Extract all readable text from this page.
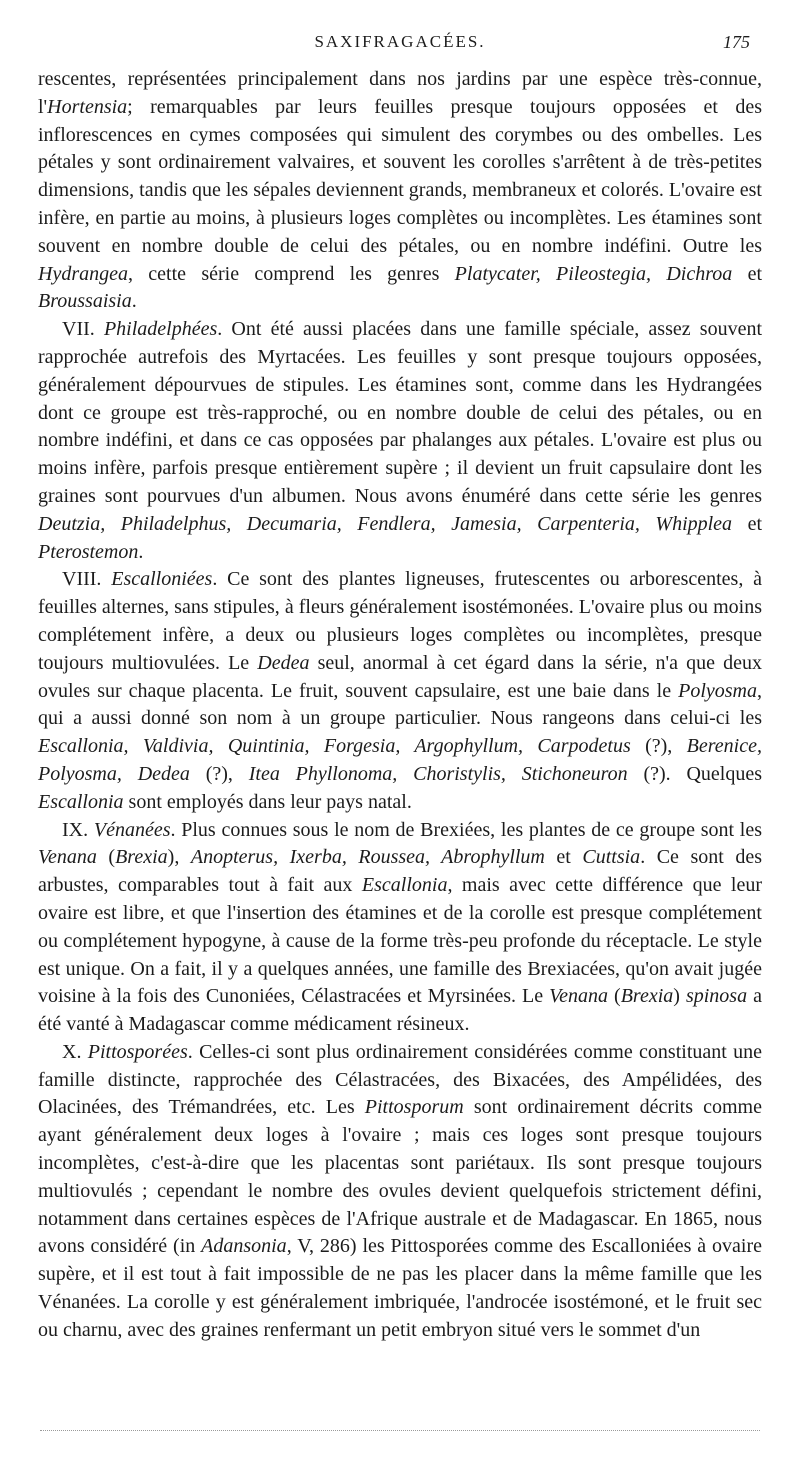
SAXIFRAGACÉES.	175

rescentes, représentées principalement dans nos jardins par une espèce très-connue, l'Hortensia; remarquables par leurs feuilles presque toujours opposées et des inflorescences en cymes composées qui simulent des corymbes ou des ombelles. Les pétales y sont ordinairement valvaires, et souvent les corolles s'arrêtent à de très-petites dimensions, tandis que les sépales deviennent grands, membraneux et colorés. L'ovaire est infère, en partie au moins, à plusieurs loges complètes ou incomplètes. Les étamines sont souvent en nombre double de celui des pétales, ou en nombre indéfini. Outre les Hydrangea, cette série comprend les genres Platycater, Pileostegia, Dichroa et Broussaisia.

VII. Philadelphées. Ont été aussi placées dans une famille spéciale, assez souvent rapprochée autrefois des Myrtacées. Les feuilles y sont presque toujours opposées, généralement dépourvues de stipules. Les étamines sont, comme dans les Hydrangées dont ce groupe est très-rapproché, ou en nombre double de celui des pétales, ou en nombre indéfini, et dans ce cas opposées par phalanges aux pétales. L'ovaire est plus ou moins infère, parfois presque entièrement supère ; il devient un fruit capsulaire dont les graines sont pourvues d'un albumen. Nous avons énuméré dans cette série les genres Deutzia, Philadelphus, Decumaria, Fendlera, Jamesia, Carpenteria, Whipplea et Pterostemon.

VIII. Escalloniées. Ce sont des plantes ligneuses, frutescentes ou arborescentes, à feuilles alternes, sans stipules, à fleurs généralement isostémonées. L'ovaire plus ou moins complétement infère, a deux ou plusieurs loges complètes ou incomplètes, presque toujours multiovulées. Le Dedea seul, anormal à cet égard dans la série, n'a que deux ovules sur chaque placenta. Le fruit, souvent capsulaire, est une baie dans le Polyosma, qui a aussi donné son nom à un groupe particulier. Nous rangeons dans celui-ci les Escallonia, Valdivia, Quintinia, Forgesia, Argophyllum, Carpodetus (?), Berenice, Polyosma, Dedea (?), Itea Phyllonoma, Choristylis, Stichoneuron (?). Quelques Escallonia sont employés dans leur pays natal.

IX. Vénanées. Plus connues sous le nom de Brexiées, les plantes de ce groupe sont les Venana (Brexia), Anopterus, Ixerba, Roussea, Abrophyllum et Cuttsia. Ce sont des arbustes, comparables tout à fait aux Escallonia, mais avec cette différence que leur ovaire est libre, et que l'insertion des étamines et de la corolle est presque complétement ou complétement hypogyne, à cause de la forme très-peu profonde du réceptacle. Le style est unique. On a fait, il y a quelques années, une famille des Brexiacées, qu'on avait jugée voisine à la fois des Cunoniées, Célastracées et Myrsinées. Le Venana (Brexia) spinosa a été vanté à Madagascar comme médicament résineux.

X. Pittosporées. Celles-ci sont plus ordinairement considérées comme constituant une famille distincte, rapprochée des Célastracées, des Bixacées, des Ampélidées, des Olacinées, des Trémandrées, etc. Les Pittosporum sont ordinairement décrits comme ayant généralement deux loges à l'ovaire ; mais ces loges sont presque toujours incomplètes, c'est-à-dire que les placentas sont pariétaux. Ils sont presque toujours multiovulés ; cependant le nombre des ovules devient quelquefois strictement défini, notamment dans certaines espèces de l'Afrique australe et de Madagascar. En 1865, nous avons considéré (in Adansonia, V, 286) les Pittosporées comme des Escalloniées à ovaire supère, et il est tout à fait impossible de ne pas les placer dans la même famille que les Vénanées. La corolle y est généralement imbriquée, l'androcée isostémoné, et le fruit sec ou charnu, avec des graines renfermant un petit embryon situé vers le sommet d'un
